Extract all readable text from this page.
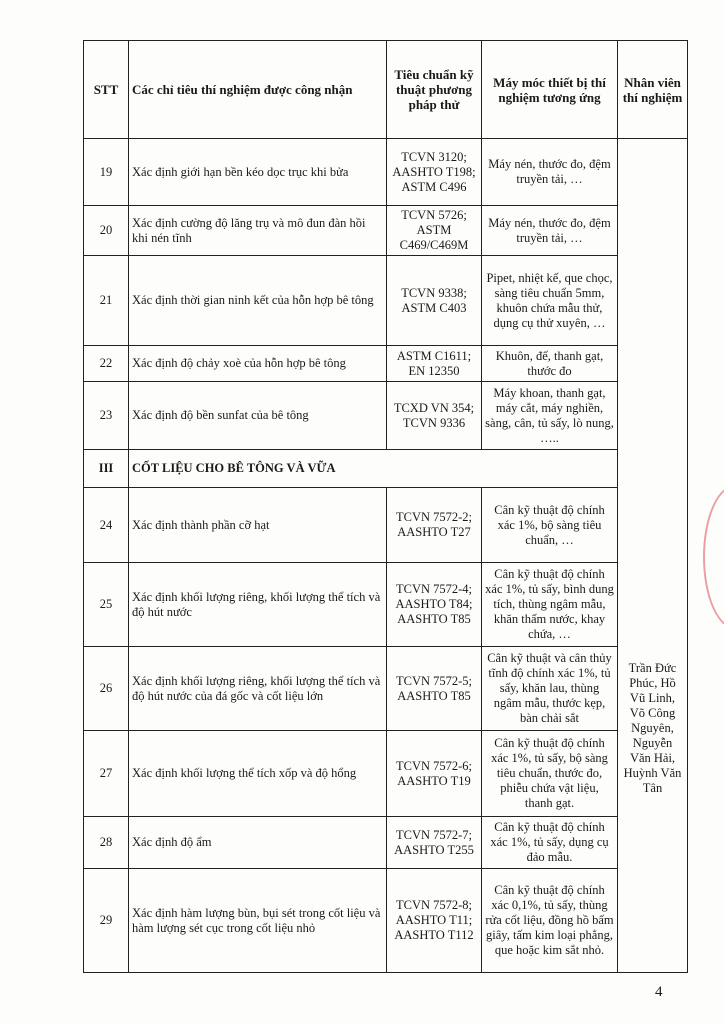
STT	Các chỉ tiêu thí nghiệm được công nhận	Tiêu chuẩn kỹ thuật phương pháp thử	Máy móc thiết bị thí nghiệm tương ứng	Nhân viên thí nghiệm
19	Xác định giới hạn bền kéo dọc trục khi bửa	TCVN 3120; AASHTO T198; ASTM C496	Máy nén, thước đo, đệm truyền tải, …	Trần Đức Phúc, Hồ Vũ Linh, Võ Công Nguyên, Nguyễn Văn Hải, Huỳnh Văn Tân
20	Xác định cường độ lăng trụ và mô đun đàn hồi khi nén tĩnh	TCVN 5726; ASTM C469/C469M	Máy nén, thước đo, đệm truyền tải, …	
21	Xác định thời gian ninh kết của hỗn hợp bê tông	TCVN 9338; ASTM C403	Pipet, nhiệt kế, que chọc, sàng tiêu chuẩn 5mm, khuôn chứa mẫu thử, dụng cụ thử xuyên, …	
22	Xác định độ chảy xoè của hỗn hợp bê tông	ASTM C1611; EN 12350	Khuôn, đế, thanh gạt, thước đo	
23	Xác định độ bền sunfat của bê tông	TCXD VN 354; TCVN 9336	Máy khoan, thanh gạt, máy cắt, máy nghiền, sàng, cân, tủ sấy, lò nung, …..	
III	CỐT LIỆU CHO BÊ TÔNG VÀ VỮA			
24	Xác định thành phần cỡ hạt	TCVN 7572-2; AASHTO T27	Cân kỹ thuật độ chính xác 1%, bộ sàng tiêu chuẩn, …	
25	Xác định khối lượng riêng, khối lượng thể tích và độ hút nước	TCVN 7572-4; AASHTO T84; AASHTO T85	Cân kỹ thuật độ chính xác 1%, tủ sấy, bình dung tích, thùng ngâm mẫu, khăn thấm nước, khay chứa, …	
26	Xác định khối lượng riêng, khối lượng thể tích và độ hút nước của đá gốc và cốt liệu lớn	TCVN 7572-5; AASHTO T85	Cân kỹ thuật và cân thủy tĩnh độ chính xác 1%, tủ sấy, khăn lau, thùng ngâm mẫu, thước kẹp, bàn chải sắt	
27	Xác định khối lượng thể tích xốp và độ hổng	TCVN 7572-6; AASHTO T19	Cân kỹ thuật độ chính xác 1%, tủ sấy, bộ sàng tiêu chuẩn, thước đo, phiễu chứa vật liệu, thanh gạt.	
28	Xác định độ ẩm	TCVN 7572-7; AASHTO T255	Cân kỹ thuật độ chính xác 1%, tủ sấy, dụng cụ đảo mẫu.	
29	Xác định hàm lượng bùn, bụi sét trong cốt liệu và hàm lượng sét cục trong cốt liệu nhỏ	TCVN 7572-8; AASHTO T11; AASHTO T112	Cân kỹ thuật độ chính xác 0,1%, tủ sấy, thùng rửa cốt liệu, đồng hồ bấm giây, tấm kim loại phẳng, que hoặc kim sắt nhỏ.	
4
